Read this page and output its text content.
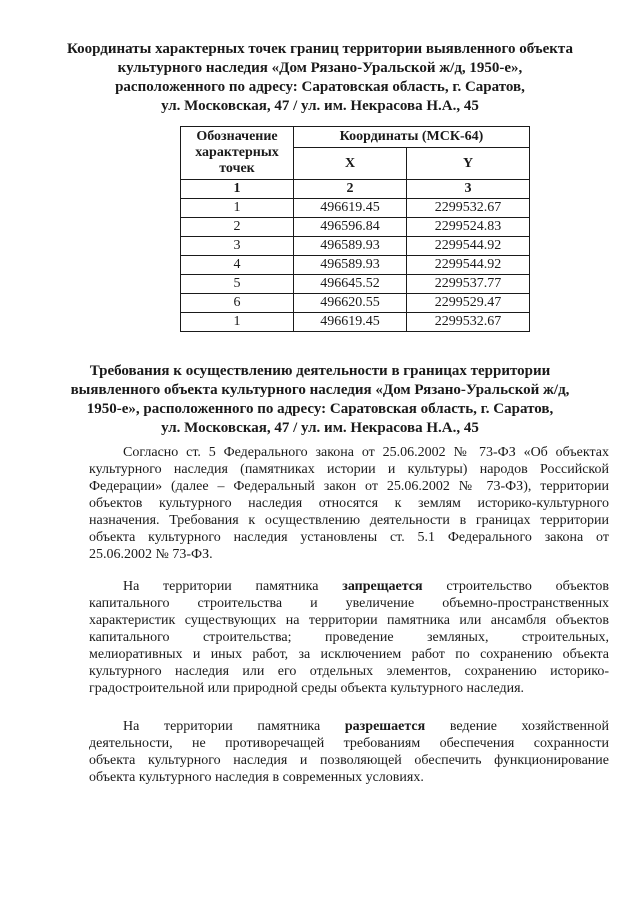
Координаты характерных точек границ территории выявленного объекта
культурного наследия «Дом Рязано-Уральской ж/д, 1950-е»,
расположенного по адресу: Саратовская область, г. Саратов,
ул. Московская, 47 / ул. им. Некрасова Н.А., 45
Обозначение характерных точек	Координаты (МСК-64)	
	X	Y
1	2	3
1	496619.45	2299532.67
2	496596.84	2299524.83
3	496589.93	2299544.92
4	496589.93	2299544.92
5	496645.52	2299537.77
6	496620.55	2299529.47
1	496619.45	2299532.67
Требования к осуществлению деятельности в границах территории
выявленного объекта культурного наследия «Дом Рязано-Уральской ж/д,
1950-е», расположенного по адресу: Саратовская область, г. Саратов,
ул. Московская, 47 / ул. им. Некрасова Н.А., 45
Согласно ст. 5 Федерального закона от 25.06.2002 № 73-ФЗ «Об объектах
культурного наследия (памятниках истории и культуры) народов Российской
Федерации» (далее – Федеральный закон от 25.06.2002 № 73-ФЗ), территории
объектов культурного наследия относятся к землям историко-культурного
назначения. Требования к осуществлению деятельности в границах территории
объекта культурного наследия установлены ст. 5.1 Федерального закона от
25.06.2002 № 73-ФЗ.
На территории памятника запрещается строительство объектов
капитального строительства и увеличение объемно-пространственных
характеристик существующих на территории памятника или ансамбля объектов
капитального строительства; проведение земляных, строительных,
мелиоративных и иных работ, за исключением работ по сохранению объекта
культурного наследия или его отдельных элементов, сохранению историко-
градостроительной или природной среды объекта культурного наследия.
На территории памятника разрешается ведение хозяйственной
деятельности, не противоречащей требованиям обеспечения сохранности
объекта культурного наследия и позволяющей обеспечить функционирование
объекта культурного наследия в современных условиях.
